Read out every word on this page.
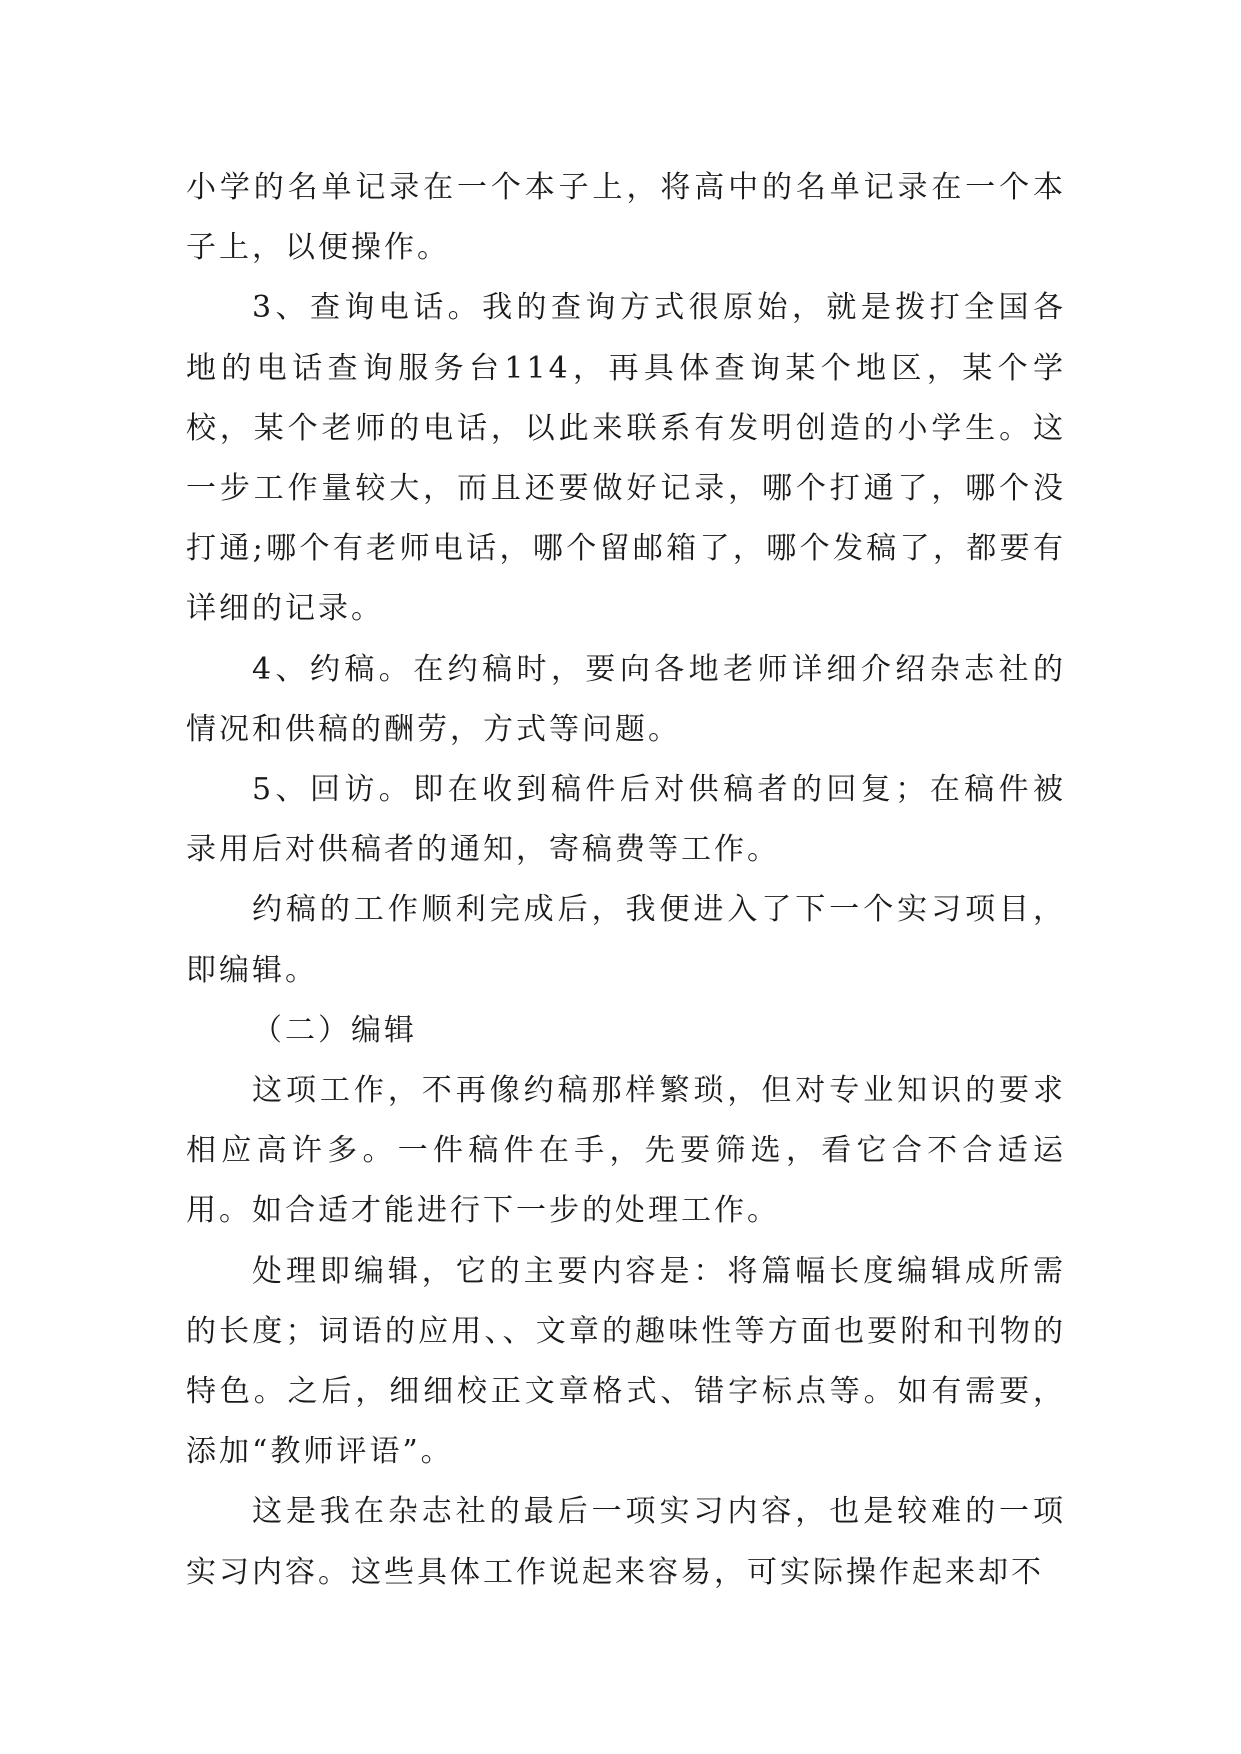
小学的名单记录在一个本子上，将高中的名单记录在一个本子上，以便操作。

3、查询电话。我的查询方式很原始，就是拨打全国各地的电话查询服务台114，再具体查询某个地区，某个学校，某个老师的电话，以此来联系有发明创造的小学生。这一步工作量较大，而且还要做好记录，哪个打通了，哪个没打通;哪个有老师电话，哪个留邮箱了，哪个发稿了，都要有详细的记录。

4、约稿。在约稿时，要向各地老师详细介绍杂志社的情况和供稿的酬劳，方式等问题。

5、回访。即在收到稿件后对供稿者的回复；在稿件被录用后对供稿者的通知，寄稿费等工作。

约稿的工作顺利完成后，我便进入了下一个实习项目，即编辑。

（二）编辑

这项工作，不再像约稿那样繁琐，但对专业知识的要求相应高许多。一件稿件在手，先要筛选，看它合不合适运用。如合适才能进行下一步的处理工作。

处理即编辑，它的主要内容是：将篇幅长度编辑成所需的长度；词语的应用、、文章的趣味性等方面也要附和刊物的特色。之后，细细校正文章格式、错字标点等。如有需要，添加“教师评语”。

这是我在杂志社的最后一项实习内容，也是较难的一项实习内容。这些具体工作说起来容易，可实际操作起来却不
